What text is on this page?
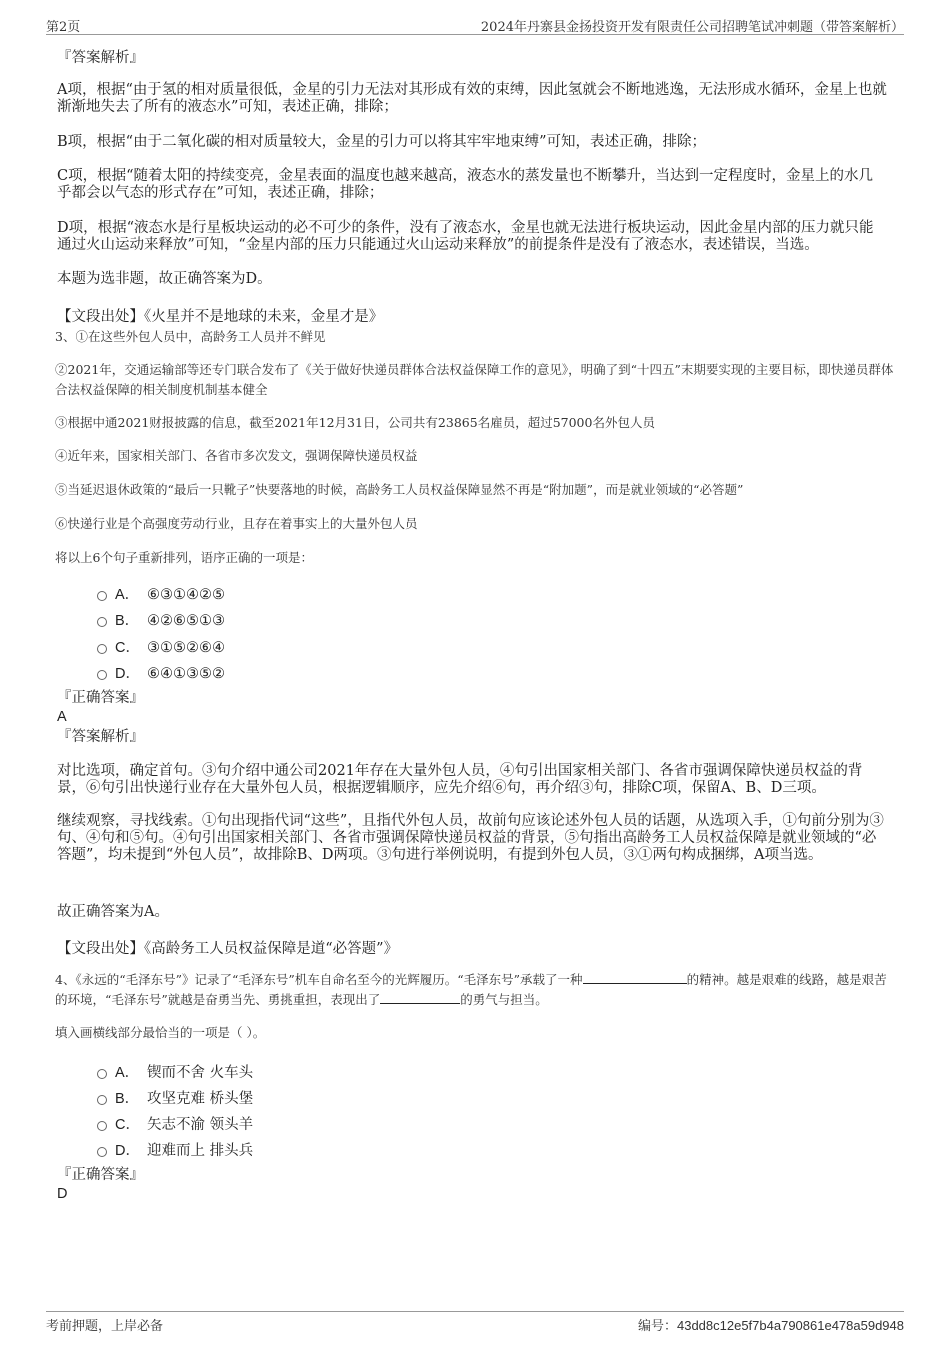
第2页	2024年丹寨县金扬投资开发有限责任公司招聘笔试冲刺题（带答案解析）
『答案解析』
A项，根据“由于氢的相对质量很低，金星的引力无法对其形成有效的束缚，因此氢就会不断地逃逸，无法形成水循环，金星上也就渐渐地失去了所有的液态水”可知，表述正确，排除；
B项，根据“由于二氧化碳的相对质量较大，金星的引力可以将其牢牢地束缚”可知，表述正确，排除；
C项，根据“随着太阳的持续变亮，金星表面的温度也越来越高，液态水的蒸发量也不断攀升，当达到一定程度时，金星上的水几乎都会以气态的形式存在”可知，表述正确，排除；
D项，根据“液态水是行星板块运动的必不可少的条件，没有了液态水，金星也就无法进行板块运动，因此金星内部的压力就只能通过火山运动来释放”可知，“金星内部的压力只能通过火山运动来释放”的前提条件是没有了液态水，表述错误，当选。
本题为选非题，故正确答案为D。
【文段出处】《火星并不是地球的未来，金星才是》
3、①在这些外包人员中，高龄务工人员并不鲜见
②2021年，交通运输部等还专门联合发布了《关于做好快递员群体合法权益保障工作的意见》，明确了到“十四五”末期要实现的主要目标，即快递员群体合法权益保障的相关制度机制基本健全
③根据中通2021财报披露的信息，截至2021年12月31日，公司共有23865名雇员，超过57000名外包人员
④近年来，国家相关部门、各省市多次发文，强调保障快递员权益
⑤当延迟退休政策的“最后一只靴子”快要落地的时候，高龄务工人员权益保障显然不再是“附加题”，而是就业领域的“必答题”
⑥快递行业是个高强度劳动行业，且存在着事实上的大量外包人员
将以上6个句子重新排列，语序正确的一项是：
A． ⑥③①④②⑤
B． ④②⑥⑤①③
C． ③①⑤②⑥④
D． ⑥④①③⑤②
『正确答案』
A
『答案解析』
对比选项，确定首句。③句介绍中通公司2021年存在大量外包人员，④句引出国家相关部门、各省市强调保障快递员权益的背景，⑥句引出快递行业存在大量外包人员，根据逻辑顺序，应先介绍⑥句，再介绍③句，排除C项，保留A、B、D三项。
继续观察，寻找线索。①句出现指代词“这些”，且指代外包人员，故前句应该论述外包人员的话题，从选项入手，①句前分别为③句、④句和⑤句。④句引出国家相关部门、各省市强调保障快递员权益的背景，⑤句指出高龄务工人员权益保障是就业领域的“必答题”，均未提到“外包人员”，故排除B、D两项。③句进行举例说明，有提到外包人员，③①两句构成捆绑，A项当选。
故正确答案为A。
【文段出处】《高龄务工人员权益保障是道“必答题”》
4、《永远的“毛泽东号”》记录了“毛泽东号”机车自命名至今的光辉履历。“毛泽东号”承载了一种	的精神。越是艰难的线路，越是艰苦的环境，“毛泽东号”就越是奋勇当先、勇挑重担，表现出了	的勇气与担当。
填入画横线部分最恰当的一项是（ ）。
A． 锲而不舍 火车头
B． 攻坚克难 桥头堡
C． 矢志不渝 领头羊
D． 迎难而上 排头兵
『正确答案』
D
考前押题，上岸必备	编号：43dd8c12e5f7b4a790861e478a59d948
